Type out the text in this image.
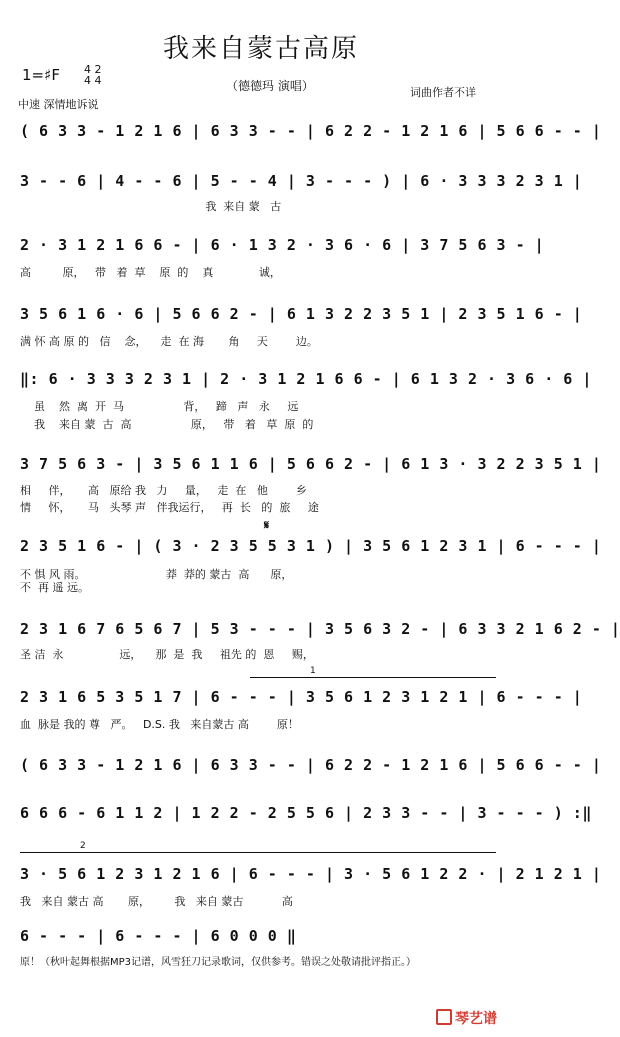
我来自蒙古高原
1=♯F 4 2
4 4	（德德玛 演唱）	词曲作者不详
中速 深情地诉说
( 6 3 3 - 1 2 1 6 | 6 3 3 - - | 6 2 2 - 1 2 1 6 | 5 6 6 - - |
3 - - 6 | 4 - - 6 | 5 - - 4 | 3 - - - ) | 6 · 3 3 3 2 3 1 |
我  来自 蒙   古
2 · 3 1 2 1 6 6 - | 6 · 1 3 2 · 3 6 · 6 | 3 7 5 6 3 - |
高         原，   带   着  草    原  的    真             诚，
3 5 6 1 6 · 6 | 5 6 6 2 - | 6 1 3 2 2 3 5 1 | 2 3 5 1 6 - |
满 怀 高 原 的   信    念，    走  在 海       角     天        边。
‖: 6 · 3 3 3 2 3 1 | 2 · 3 1 2 1 6 6 - | 6 1 3 2 · 3 6 · 6 |
虽    然  离  开  马                 背，   蹄   声   永     远
我    来自 蒙  古  高                 原，   带   着   草  原  的
3 7 5 6 3 - | 3 5 6 1 1 6 | 5 6 6 2 - | 6 1 3 · 3 2 2 3 5 1 |
相     伴，     高   原给 我   力     量，   走  在   他        乡
情     怀，     马   头琴 声   伴我运行，   再  长   的  旅     途
𝄋
2 3 5 1 6 - | ( 3 · 2 3 5 5 3 1 ) | 3 5 6 1 2 3 1 | 6 - - - |
不 惧 风 雨。                       莽  莽的 蒙古  高      原，
不  再 遥 远。
2 3 1 6 7 6 5 6 7 | 5 3 - - - | 3 5 6 3 2 - | 6 3 3 2 1 6 2 - |
圣 洁  永                远，    那  是  我     祖先 的  恩     赐，
1
2 3 1 6 5 3 5 1 7 | 6 - - - | 3 5 6 1 2 3 1 2 1 | 6 - - - |
血  脉是 我的 尊   严。   D.S. 我   来自蒙古 高        原！
( 6 3 3 - 1 2 1 6 | 6 3 3 - - | 6 2 2 - 1 2 1 6 | 5 6 6 - - |
6 6 6 - 6 1 1 2 | 1 2 2 - 2 5 5 6 | 2 3 3 - - | 3 - - - ) :‖
2
3 · 5 6 1 2 3 1 2 1 6 | 6 - - - | 3 · 5 6 1 2 2 · | 2 1 2 1 |
我   来自 蒙古 高       原，       我   来自 蒙古           高
6 - - - | 6 - - - | 6 0 0 0 ‖
原！（秋叶起舞根据MP3记谱，风雪狂刀记录歌词，仅供参考。错误之处敬请批评指正。）
琴艺谱
